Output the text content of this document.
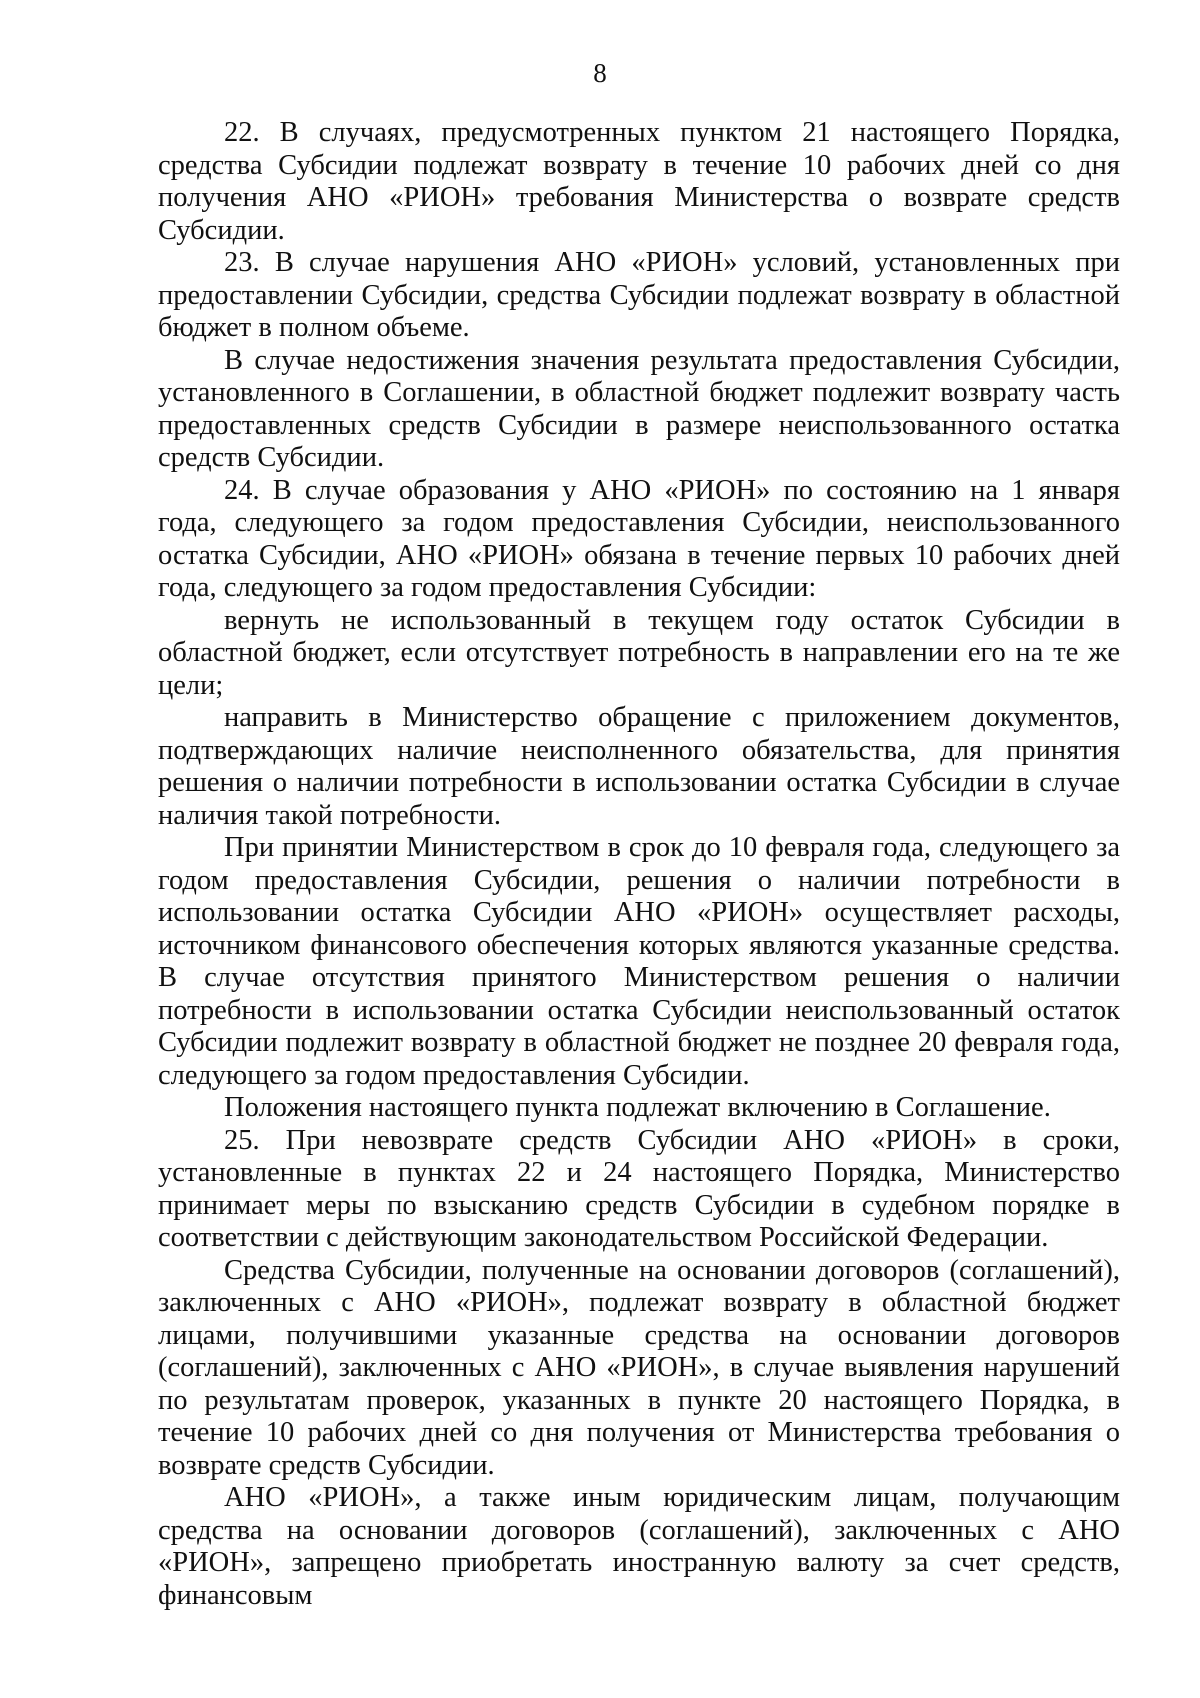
8

22. В случаях, предусмотренных пунктом 21 настоящего Порядка, средства Субсидии подлежат возврату в течение 10 рабочих дней со дня получения АНО «РИОН» требования Министерства о возврате средств Субсидии.

23. В случае нарушения АНО «РИОН» условий, установленных при предоставлении Субсидии, средства Субсидии подлежат возврату в областной бюджет в полном объеме.

В случае недостижения значения результата предоставления Субсидии, установленного в Соглашении, в областной бюджет подлежит возврату часть предоставленных средств Субсидии в размере неиспользованного остатка средств Субсидии.

24. В случае образования у АНО «РИОН» по состоянию на 1 января года, следующего за годом предоставления Субсидии, неиспользованного остатка Субсидии, АНО «РИОН» обязана в течение первых 10 рабочих дней года, следующего за годом предоставления Субсидии:

вернуть не использованный в текущем году остаток Субсидии в областной бюджет, если отсутствует потребность в направлении его на те же цели;

направить в Министерство обращение с приложением документов, подтверждающих наличие неисполненного обязательства, для принятия решения о наличии потребности в использовании остатка Субсидии в случае наличия такой потребности.

При принятии Министерством в срок до 10 февраля года, следующего за годом предоставления Субсидии, решения о наличии потребности в использовании остатка Субсидии АНО «РИОН» осуществляет расходы, источником финансового обеспечения которых являются указанные средства. В случае отсутствия принятого Министерством решения о наличии потребности в использовании остатка Субсидии неиспользованный остаток Субсидии подлежит возврату в областной бюджет не позднее 20 февраля года, следующего за годом предоставления Субсидии.

Положения настоящего пункта подлежат включению в Соглашение.

25. При невозврате средств Субсидии АНО «РИОН» в сроки, установленные в пунктах 22 и 24 настоящего Порядка, Министерство принимает меры по взысканию средств Субсидии в судебном порядке в соответствии с действующим законодательством Российской Федерации.

Средства Субсидии, полученные на основании договоров (соглашений), заключенных с АНО «РИОН», подлежат возврату в областной бюджет лицами, получившими указанные средства на основании договоров (соглашений), заключенных с АНО «РИОН», в случае выявления нарушений по результатам проверок, указанных в пункте 20 настоящего Порядка, в течение 10 рабочих дней со дня получения от Министерства требования о возврате средств Субсидии.

АНО «РИОН», а также иным юридическим лицам, получающим средства на основании договоров (соглашений), заключенных с АНО «РИОН», запрещено приобретать иностранную валюту за счет средств, финансовым
